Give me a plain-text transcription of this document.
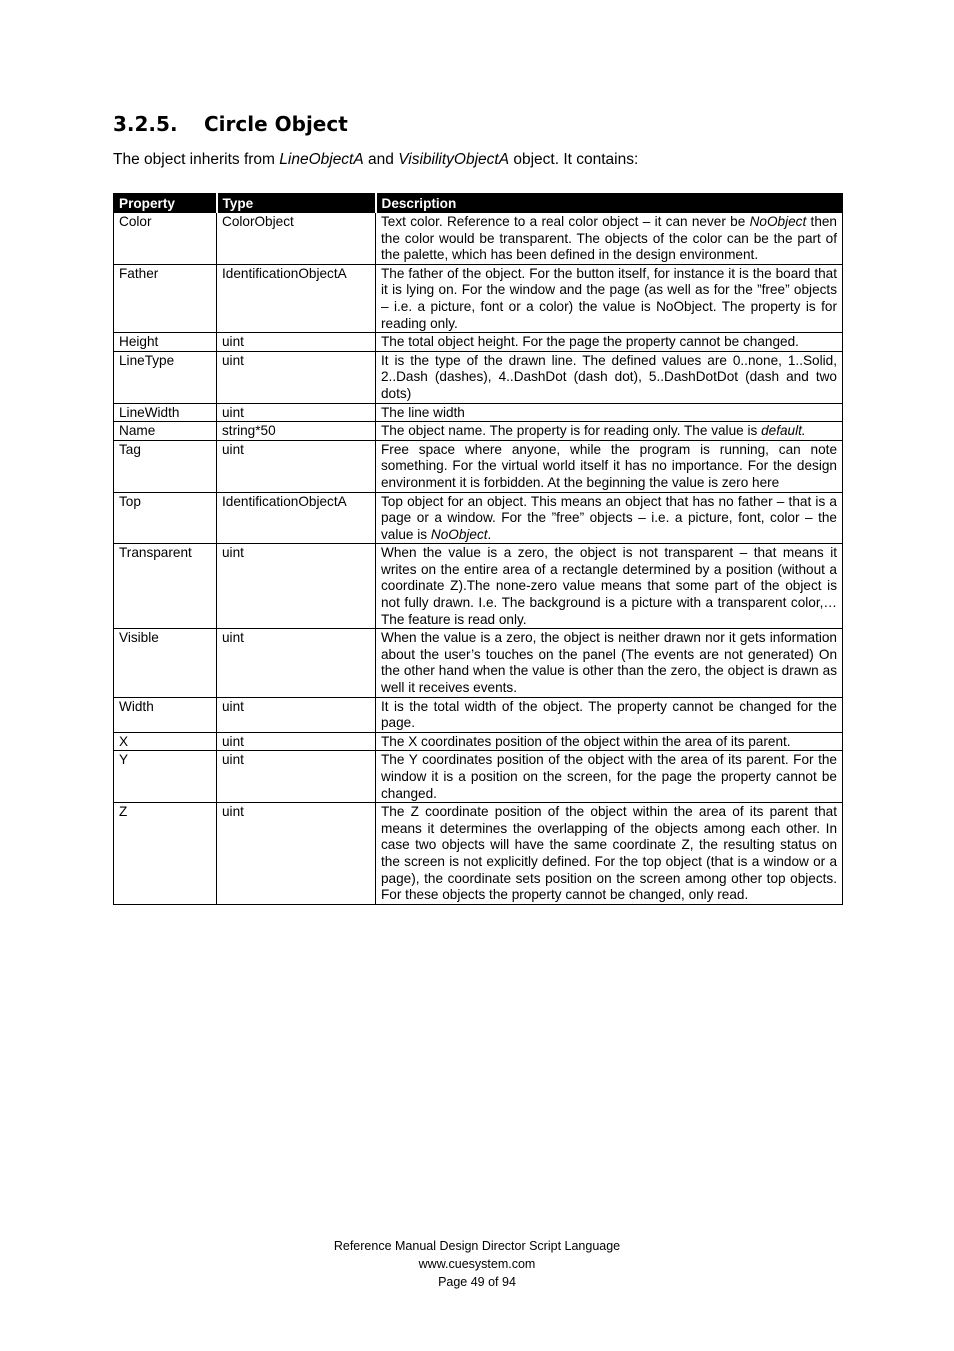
3.2.5. Circle Object

The object inherits from LineObjectA and VisibilityObjectA object. It contains:

Property	Type	Description
Color	ColorObject	Text color. Reference to a real color object – it can never be NoObject then the color would be transparent. The objects of the color can be the part of the palette, which has been defined in the design environment.
Father	IdentificationObjectA	The father of the object. For the button itself, for instance it is the board that it is lying on. For the window and the page (as well as for the ”free” objects – i.e. a picture, font or a color) the value is NoObject. The property is for reading only.
Height	uint	The total object height. For the page the property cannot be changed.
LineType	uint	It is the type of the drawn line. The defined values are 0..none, 1..Solid, 2..Dash (dashes), 4..DashDot (dash dot), 5..DashDotDot (dash and two dots)
LineWidth	uint	The line width
Name	string*50	The object name. The property is for reading only. The value is default.
Tag	uint	Free space where anyone, while the program is running, can note something. For the virtual world itself it has no importance. For the design environment it is forbidden. At the beginning the value is zero here
Top	IdentificationObjectA	Top object for an object. This means an object that has no father – that is a page or a window. For the ”free” objects – i.e. a picture, font, color – the value is NoObject.
Transparent	uint	When the value is a zero, the object is not transparent – that means it writes on the entire area of a rectangle determined by a position (without a coordinate Z).The none-zero value means that some part of the object is not fully drawn. I.e. The background is a picture with a transparent color,…The feature is read only.
Visible	uint	When the value is a zero, the object is neither drawn nor it gets information about the user’s touches on the panel (The events are not generated) On the other hand when the value is other than the zero, the object is drawn as well it receives events.
Width	uint	It is the total width of the object. The property cannot be changed for the page.
X	uint	The X coordinates position of the object within the area of its parent.
Y	uint	The Y coordinates position of the object with the area of its parent. For the window it is a position on the screen, for the page the property cannot be changed.
Z	uint	The Z coordinate position of the object within the area of its parent that means it determines the overlapping of the objects among each other. In case two objects will have the same coordinate Z, the resulting status on the screen is not explicitly defined. For the top object (that is a window or a page), the coordinate sets position on the screen among other top objects. For these objects the property cannot be changed, only read.
Reference Manual Design Director Script Language
www.cuesystem.com
Page 49 of 94
